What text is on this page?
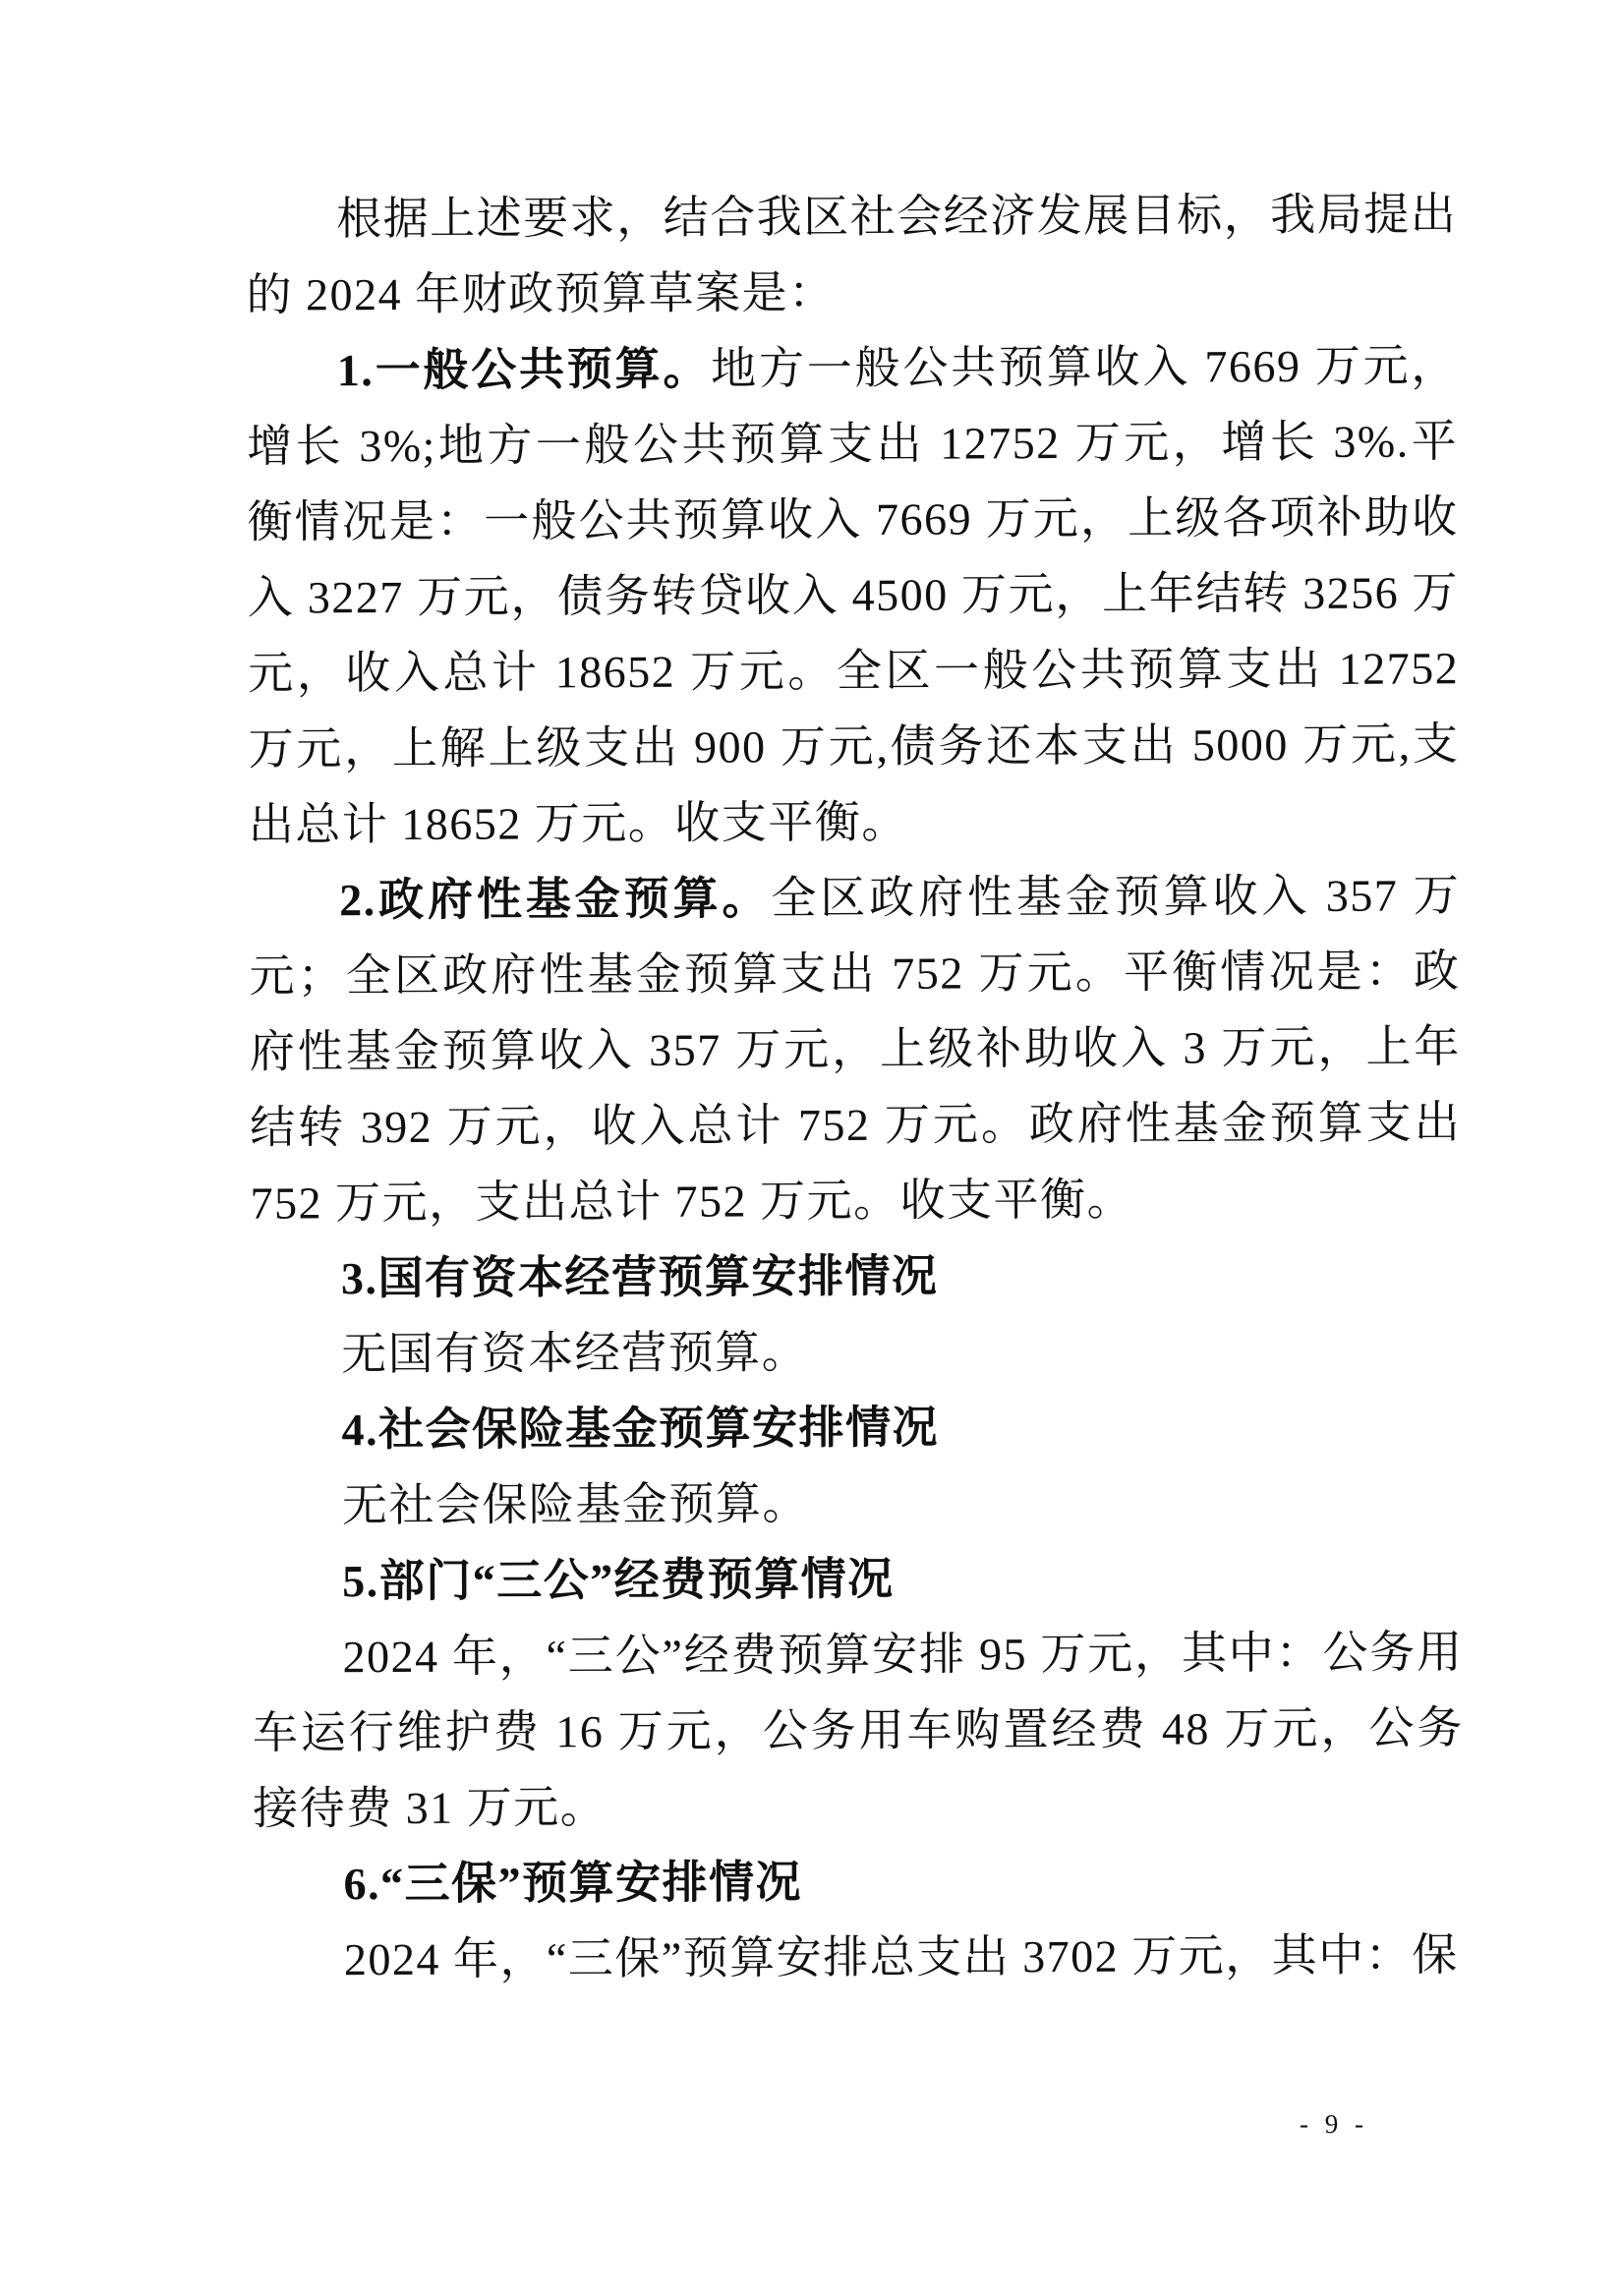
根据上述要求，结合我区社会经济发展目标，我局提出的 2024 年财政预算草案是：

1.一般公共预算。地方一般公共预算收入 7669 万元，增长 3%;地方一般公共预算支出 12752 万元，增长 3%.平衡情况是：一般公共预算收入 7669 万元，上级各项补助收入 3227 万元，债务转贷收入 4500 万元，上年结转 3256 万元，收入总计 18652 万元。全区一般公共预算支出 12752 万元，上解上级支出 900 万元,债务还本支出 5000 万元,支出总计 18652 万元。收支平衡。

2.政府性基金预算。全区政府性基金预算收入 357 万元；全区政府性基金预算支出 752 万元。平衡情况是：政府性基金预算收入 357 万元，上级补助收入 3 万元，上年结转 392 万元，收入总计 752 万元。政府性基金预算支出 752 万元，支出总计 752 万元。收支平衡。

3.国有资本经营预算安排情况

无国有资本经营预算。

4.社会保险基金预算安排情况

无社会保险基金预算。

5.部门“三公”经费预算情况

2024 年，“三公”经费预算安排 95 万元，其中：公务用车运行维护费 16 万元，公务用车购置经费 48 万元，公务接待费 31 万元。

6.“三保”预算安排情况

2024 年，“三保”预算安排总支出 3702 万元，其中：保

- 9 -
